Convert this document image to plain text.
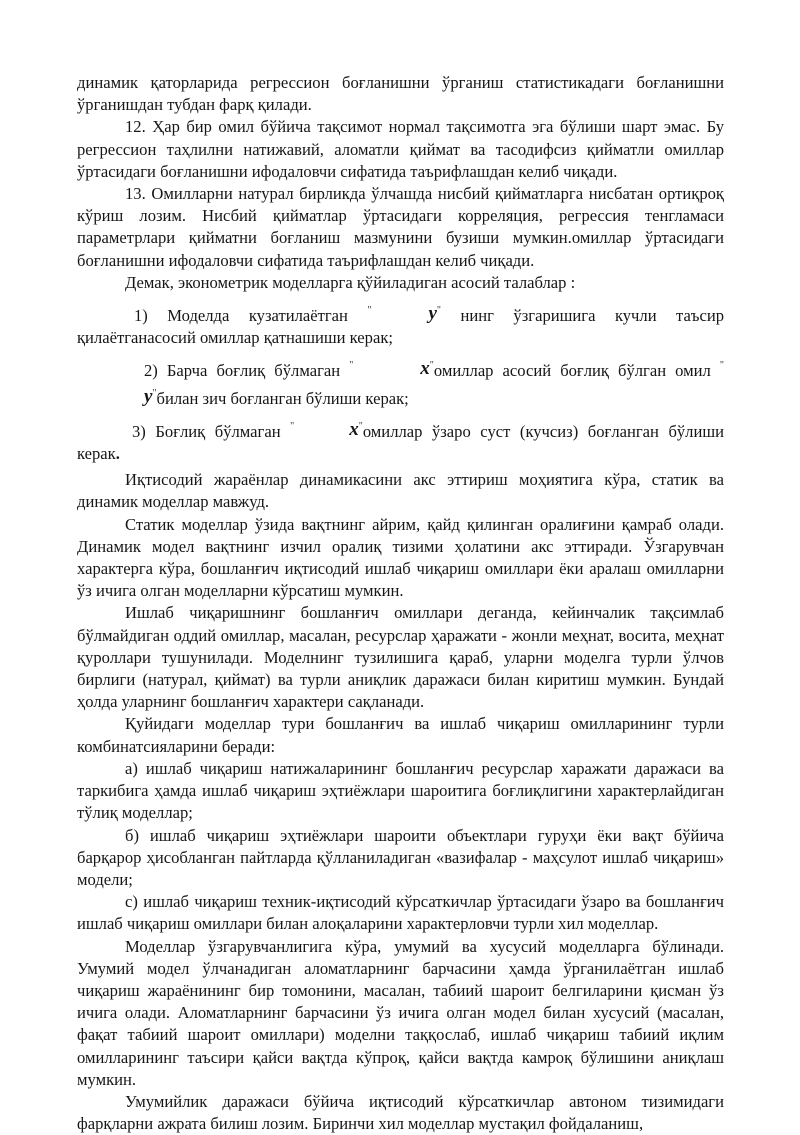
динамик қаторларида регрессион боғланишни ўрганиш статистикадаги боғланишни ўрганишдан тубдан фарқ қилади.

12. Ҳар бир омил бўйича тақсимот нормал тақсимотга эга бўлиши шарт эмас. Бу регрессион таҳлилни натижавий, аломатли қиймат ва тасодифсиз қийматли омиллар ўртасидаги боғланишни ифодаловчи сифатида таърифлашдан келиб чиқади.

13. Омилларни натурал бирликда ўлчашда нисбий қийматларга нисбатан ортиқроқ кўриш лозим. Нисбий қийматлар ўртасидаги корреляция, регрессия тенгламаси параметрлари қийматни боғланиш мазмунини бузиши мумкин.омиллар ўртасидаги боғланишни ифодаловчи сифатида таърифлашдан келиб чиқади.

Демак, эконометрик моделларга қўйиладиган асосий талаблар :

1) Моделда кузатилаётган "	y" нинг ўзгаришига кучли таъсир қилаётганасосий омиллар қатнашиши керак;

2) Барча боғлиқ бўлмаган "	x"омиллар асосий боғлиқ бўлган омил "y"билан зич боғланган бўлиши керак;

3) Боғлиқ бўлмаган "	x"омиллар ўзаро суст (кучсиз) боғланган бўлиши керак.

Иқтисодий жараёнлар динамикасини акс эттириш моҳиятига кўра, статик ва динамик моделлар мавжуд.

Статик моделлар ўзида вақтнинг айрим, қайд қилинган оралиғини қамраб олади. Динамик модел вақтнинг изчил оралиқ тизими ҳолатини акс эттиради. Ўзгарувчан характерга кўра, бошланғич иқтисодий ишлаб чиқариш омиллари ёки аралаш омилларни ўз ичига олган моделларни кўрсатиш мумкин.

Ишлаб чиқаришнинг бошланғич омиллари деганда, кейинчалик тақсимлаб бўлмайдиган оддий омиллар, масалан, ресурслар ҳаражати - жонли меҳнат, восита, меҳнат қуроллари тушунилади. Моделнинг тузилишига қараб, уларни моделга турли ўлчов бирлиги (натурал, қиймат) ва турли аниқлик даражаси билан киритиш мумкин. Бундай ҳолда уларнинг бошланғич характери сақланади.

Қуйидаги моделлар тури бошланғич ва ишлаб чиқариш омилларининг турли комбинатсияларини беради:

а) ишлаб чиқариш натижаларининг бошланғич ресурслар харажати даражаси ва таркибига ҳамда ишлаб чиқариш эҳтиёжлари шароитига боғлиқлигини характерлайдиган тўлиқ моделлар;

б) ишлаб чиқариш эҳтиёжлари шароити объектлари гуруҳи ёки вақт бўйича барқарор ҳисобланган пайтларда қўлланиладиган «вазифалар - маҳсулот ишлаб чиқариш» модели;

с) ишлаб чиқариш техник-иқтисодий кўрсаткичлар ўртасидаги ўзаро ва бошланғич ишлаб чиқариш омиллари билан алоқаларини характерловчи турли хил моделлар.

Моделлар ўзгарувчанлигига кўра, умумий ва хусусий моделларга бўлинади. Умумий модел ўлчанадиган аломатларнинг барчасини ҳамда ўрганилаётган ишлаб чиқариш жараёнининг бир томонини, масалан, табиий шароит белгиларини қисман ўз ичига олади. Аломатларнинг барчасини ўз ичига олган модел билан хусусий (масалан, фақат табиий шароит омиллари) моделни таққослаб, ишлаб чиқариш табиий иқлим омилларининг таъсири қайси вақтда кўпроқ, қайси вақтда камроқ бўлишини аниқлаш мумкин.

Умумийлик даражаси бўйича иқтисодий кўрсаткичлар автоном тизимидаги фарқларни ажрата билиш лозим. Биринчи хил моделлар мустақил фойдаланиш,
